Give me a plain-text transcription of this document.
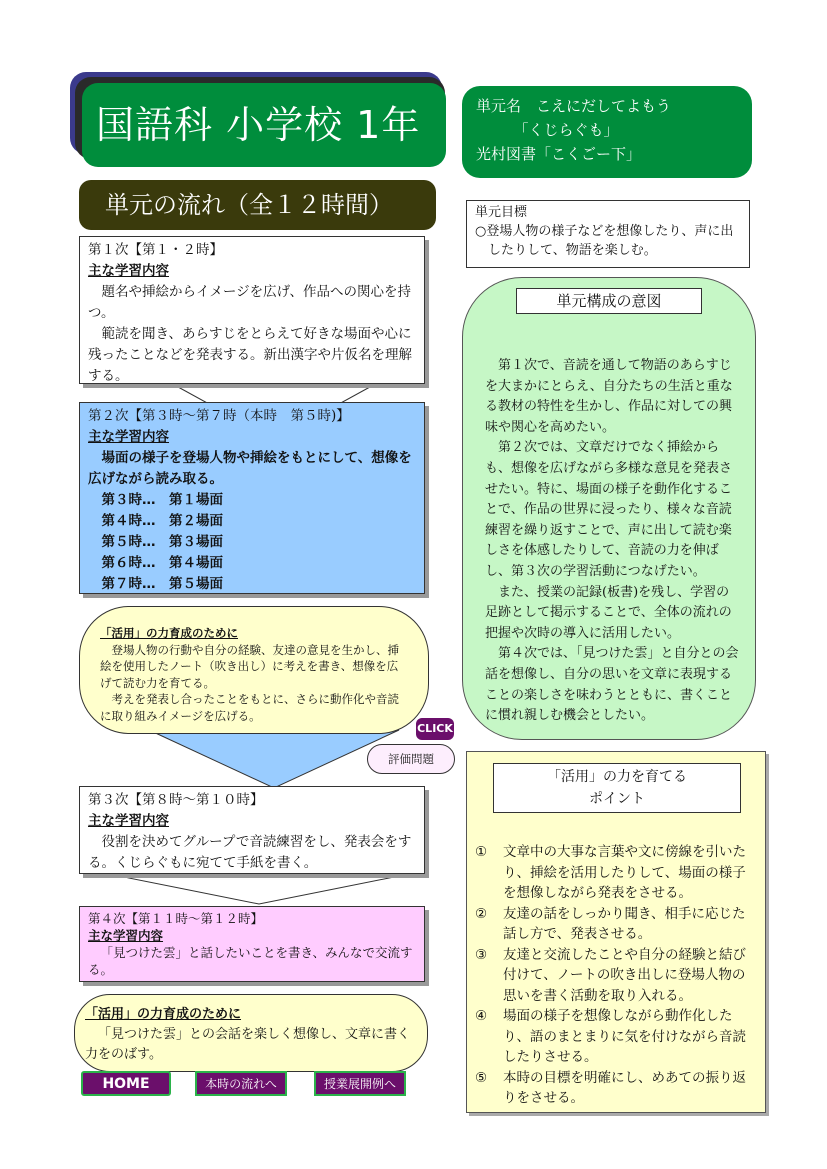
国語科 小学校 1年	単元名　こえにだしてよもう
　　　「くじらぐも」
光村図書「こくごー下」
単元の流れ（全１２時間）
第１次【第１・２時】
主な学習内容

題名や挿絵からイメージを広げ、作品への関心を持つ。

範読を聞き、あらすじをとらえて好きな場面や心に残ったことなどを発表する。新出漢字や片仮名を理解する。

第２次【第３時～第７時（本時　第５時)】
主な学習内容

場面の様子を登場人物や挿絵をもとにして、想像を広げながら読み取る。

第３時…　第１場面
第４時…　第２場面
第５時…　第３場面
第６時…　第４場面
第７時…　第５場面
「活用」の力育成のために

登場人物の行動や自分の経験、友達の意見を生かし、挿絵を使用したノート（吹き出し）に考えを書き、想像を広げて読む力を育てる。

考えを発表し合ったことをもとに、さらに動作化や音読に取り組みイメージを広げる。

CLICK
評価問題
第３次【第８時～第１０時】
主な学習内容

役割を決めてグループで音読練習をし、発表会をする。くじらぐもに宛てて手紙を書く。

第４次【第１１時～第１２時】
主な学習内容

「見つけた雲」と話したいことを書き、みんなで交流する。

「活用」の力育成のために

「見つけた雲」との会話を楽しく想像し、文章に書く力をのばす。

HOME	本時の流れへ	授業展開例へ
単元目標
○登場人物の様子などを想像したり、声に出したりして、物語を楽しむ。

第１次で、音読を通して物語のあらすじを大まかにとらえ、自分たちの生活と重なる教材の特性を生かし、作品に対しての興味や関心を高めたい。

第２次では、文章だけでなく挿絵からも、想像を広げながら多様な意見を発表させたい。特に、場面の様子を動作化することで、作品の世界に浸ったり、様々な音読練習を繰り返すことで、声に出して読む楽しさを体感したりして、音読の力を伸ばし、第３次の学習活動につなげたい。

また、授業の記録(板書)を残し、学習の足跡として掲示することで、全体の流れの把握や次時の導入に活用したい。

第４次では、「見つけた雲」と自分との会話を想像し、自分の思いを文章に表現することの楽しさを味わうとともに、書くことに慣れ親しむ機会としたい。

単元構成の意図

① 文章中の大事な言葉や文に傍線を引いたり、挿絵を活用したりして、場面の様子を想像しながら発表をさせる。

② 友達の話をしっかり聞き、相手に応じた話し方で、発表させる。

③ 友達と交流したことや自分の経験と結び付けて、ノートの吹き出しに登場人物の思いを書く活動を取り入れる。

④ 場面の様子を想像しながら動作化したり、語のまとまりに気を付けながら音読したりさせる。

⑤ 本時の目標を明確にし、めあての振り返りをさせる。

「活用」の力を育てる
ポイント
